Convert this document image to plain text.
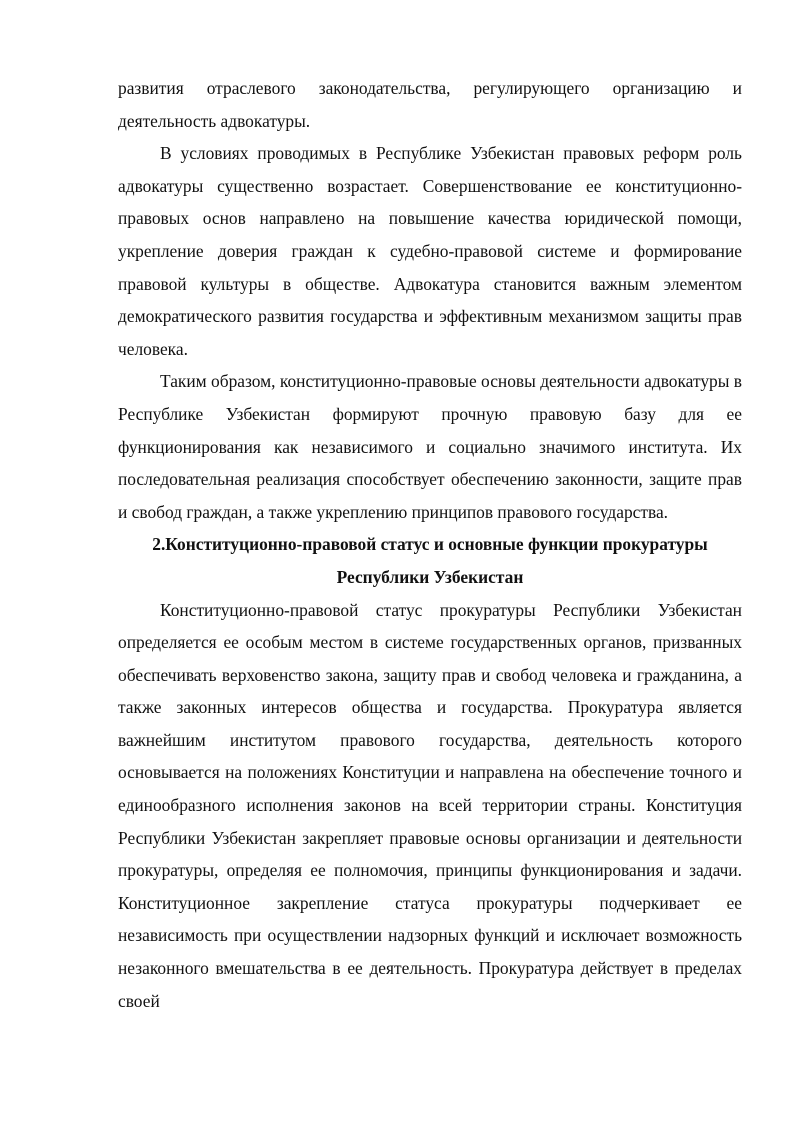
развития отраслевого законодательства, регулирующего организацию и деятельность адвокатуры.

В условиях проводимых в Республике Узбекистан правовых реформ роль адвокатуры существенно возрастает. Совершенствование ее конституционно-правовых основ направлено на повышение качества юридической помощи, укрепление доверия граждан к судебно-правовой системе и формирование правовой культуры в обществе. Адвокатура становится важным элементом демократического развития государства и эффективным механизмом защиты прав человека.

Таким образом, конституционно-правовые основы деятельности адвокатуры в Республике Узбекистан формируют прочную правовую базу для ее функционирования как независимого и социально значимого института. Их последовательная реализация способствует обеспечению законности, защите прав и свобод граждан, а также укреплению принципов правового государства.

2.Конституционно-правовой статус и основные функции прокуратуры
Республики Узбекистан

Конституционно-правовой статус прокуратуры Республики Узбекистан определяется ее особым местом в системе государственных органов, призванных обеспечивать верховенство закона, защиту прав и свобод человека и гражданина, а также законных интересов общества и государства. Прокуратура является важнейшим институтом правового государства, деятельность которого основывается на положениях Конституции и направлена на обеспечение точного и единообразного исполнения законов на всей территории страны. Конституция Республики Узбекистан закрепляет правовые основы организации и деятельности прокуратуры, определяя ее полномочия, принципы функционирования и задачи. Конституционное закрепление статуса прокуратуры подчеркивает ее независимость при осуществлении надзорных функций и исключает возможность незаконного вмешательства в ее деятельность. Прокуратура действует в пределах своей
